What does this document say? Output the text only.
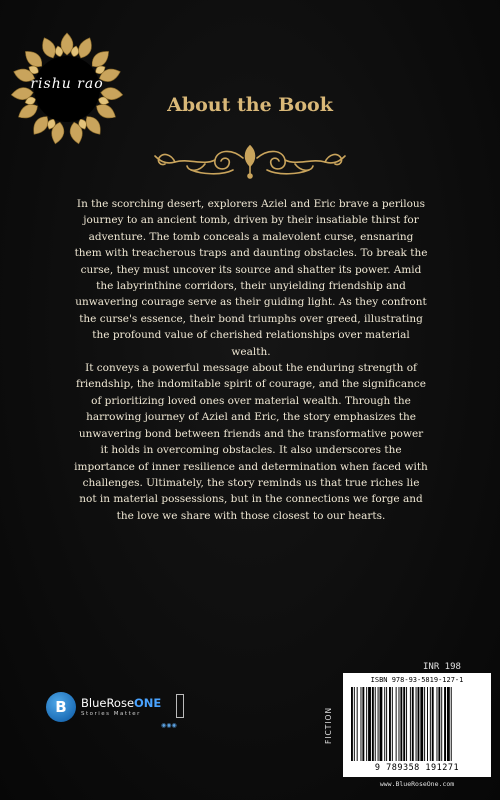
rishu rao
About the Book

In the scorching desert, explorers Aziel and Eric brave a perilous journey to an ancient tomb, driven by their insatiable thirst for adventure. The tomb conceals a malevolent curse, ensnaring them with treacherous traps and daunting obstacles. To break the curse, they must uncover its source and shatter its power. Amid the labyrinthine corridors, their unyielding friendship and unwavering courage serve as their guiding light. As they confront the curse's essence, their bond triumphs over greed, illustrating the profound value of cherished relationships over material wealth.

It conveys a powerful message about the enduring strength of friendship, the indomitable spirit of courage, and the significance of prioritizing loved ones over material wealth. Through the harrowing journey of Aziel and Eric, the story emphasizes the unwavering bond between friends and the transformative power it holds in overcoming obstacles. It also underscores the importance of inner resilience and determination when faced with challenges. Ultimately, the story reminds us that true riches lie not in material possessions, but in the connections we forge and the love we share with those closest to our hearts.

B	BlueRoseONE
Stories Matter
◉◉◉
INR 198
FICTION
ISBN 978-93-5819-127-1
9 789358 191271
www.BlueRoseOne.com
